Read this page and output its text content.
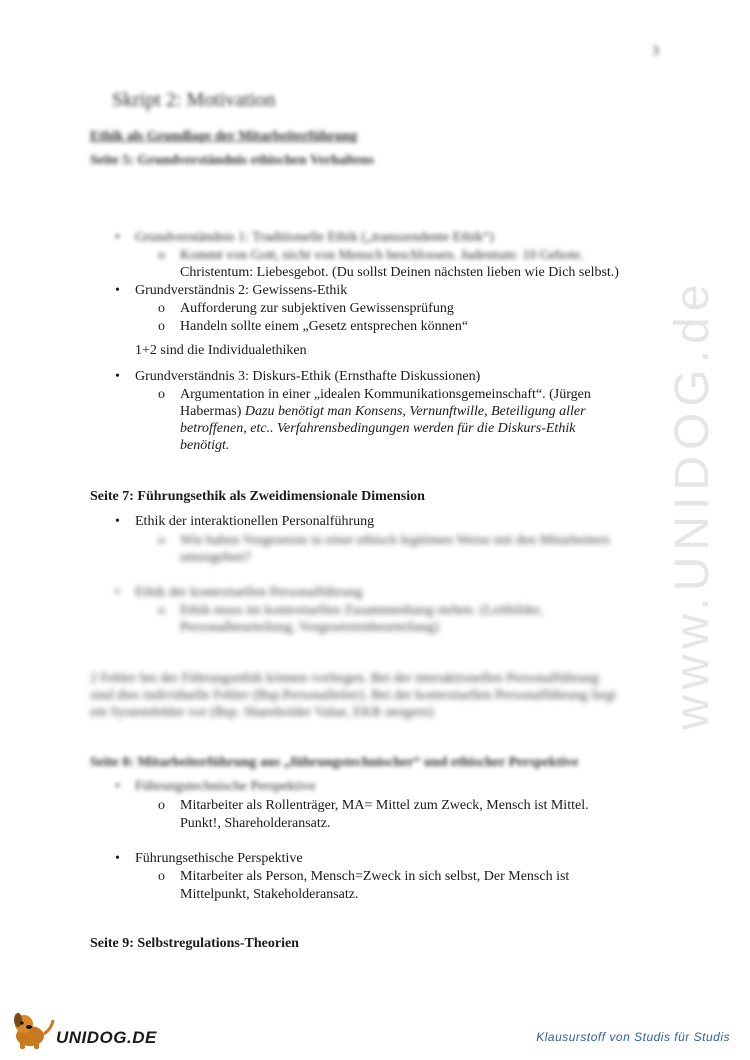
3
www.UNIDOG.de
Skript 2: Motivation
Ethik als Grundlage der Mitarbeiterführung
Seite 5: Grundverständnis ethischen Verhaltens
• Grundverständnis 1: Traditionelle Ethik („transzendente Ethik“)
o Kommt von Gott, nicht von Mensch beschlossen. Judentum: 10 Gebote.
Christentum: Liebesgebot. (Du sollst Deinen nächsten lieben wie Dich selbst.)
• Grundverständnis 2: Gewissens-Ethik
o Aufforderung zur subjektiven Gewissensprüfung
o Handeln sollte einem „Gesetz entsprechen können“
1+2 sind die Individualethiken
• Grundverständnis 3: Diskurs-Ethik (Ernsthafte Diskussionen)
o Argumentation in einer „idealen Kommunikationsgemeinschaft“. (Jürgen
Habermas) Dazu benötigt man Konsens, Vernunftwille, Beteiligung aller
betroffenen, etc.. Verfahrensbedingungen werden für die Diskurs-Ethik
benötigt.
Seite 7: Führungsethik als Zweidimensionale Dimension
• Ethik der interaktionellen Personalführung
o Wie haben Vorgesetzte in einer ethisch legitimen Weise mit den Mitarbeitern
umzugehen?
• Ethik der kontextuellen Personalführung
o Ethik muss im kontextuellen Zusammenhang stehen. (Leitbilder,
Personalbeurteilung, Vorgesetztenbeurteilung)
2 Fehler bei der Führungsethik können vorliegen. Bei der interaktionellen Personalführung
sind dies individuelle Fehler (Bsp.Personalleiter). Bei der kontextuellen Personalführung liegt
ein Systemfehler vor (Bsp. Shareholder Value, EKR steigern)
Seite 8: Mitarbeiterführung aus „führungstechnischer“ und ethischer Perspektive
• Führungstechnische Perspektive
o Mitarbeiter als Rollenträger, MA= Mittel zum Zweck, Mensch ist Mittel.
Punkt!, Shareholderansatz.
• Führungsethische Perspektive
o Mitarbeiter als Person, Mensch=Zweck in sich selbst, Der Mensch ist
Mittelpunkt, Stakeholderansatz.
Seite 9: Selbstregulations-Theorien
UNIDOG.DE	Klausurstoff von Studis für Studis
